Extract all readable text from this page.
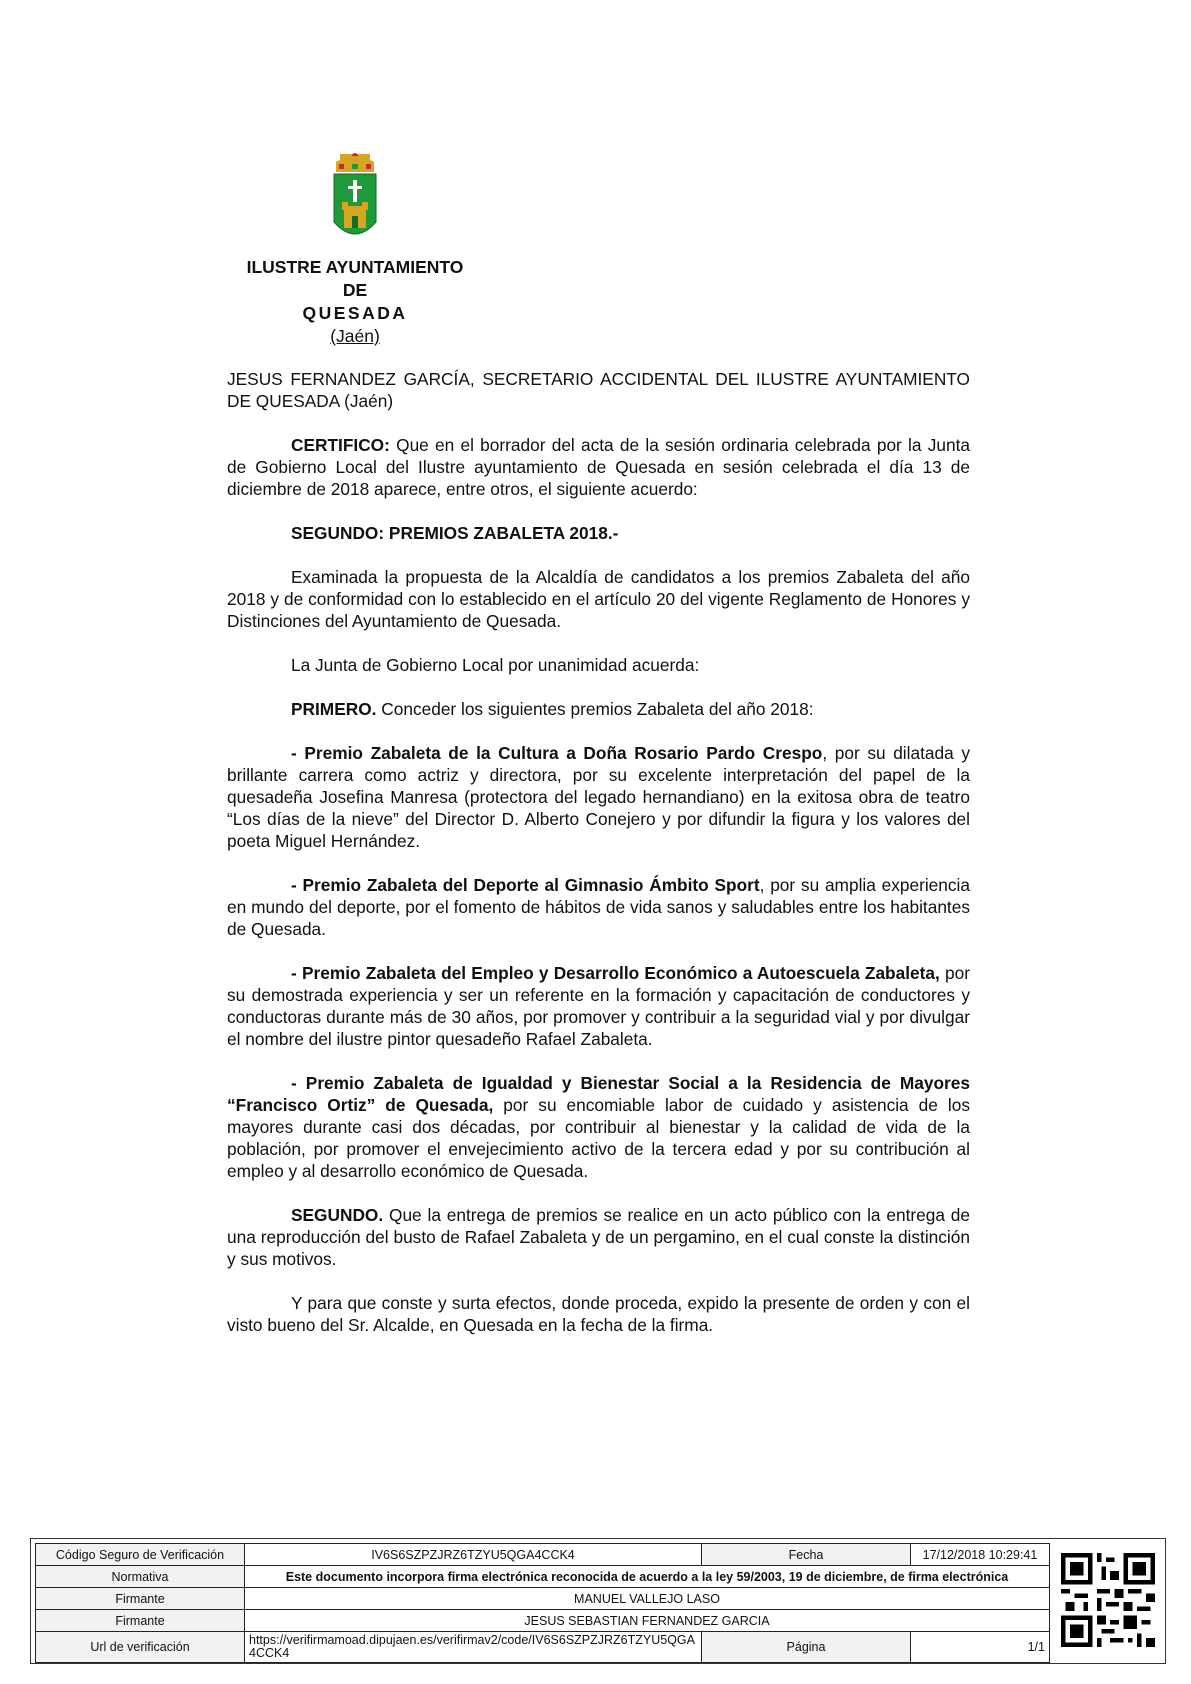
ILUSTRE AYUNTAMIENTO
DE
QUESADA
(Jaén)

JESUS FERNANDEZ GARCÍA, SECRETARIO ACCIDENTAL DEL ILUSTRE AYUNTAMIENTO DE QUESADA (Jaén)

CERTIFICO: Que en el borrador del acta de la sesión ordinaria celebrada por la Junta de Gobierno Local del Ilustre ayuntamiento de Quesada en sesión celebrada el día 13 de diciembre de 2018 aparece, entre otros, el siguiente acuerdo:

SEGUNDO: PREMIOS ZABALETA 2018.-

Examinada la propuesta de la Alcaldía de candidatos a los premios Zabaleta del año 2018 y de conformidad con lo establecido en el artículo 20 del vigente Reglamento de Honores y Distinciones del Ayuntamiento de Quesada.

La Junta de Gobierno Local por unanimidad acuerda:

PRIMERO. Conceder los siguientes premios Zabaleta del año 2018:

- Premio Zabaleta de la Cultura a Doña Rosario Pardo Crespo, por su dilatada y brillante carrera como actriz y directora, por su excelente interpretación del papel de la quesadeña Josefina Manresa (protectora del legado hernandiano) en la exitosa obra de teatro “Los días de la nieve” del Director D. Alberto Conejero y por difundir la figura y los valores del poeta Miguel Hernández.

- Premio Zabaleta del Deporte al Gimnasio Ámbito Sport, por su amplia experiencia en mundo del deporte, por el fomento de hábitos de vida sanos y saludables entre los habitantes de Quesada.

- Premio Zabaleta del Empleo y Desarrollo Económico a Autoescuela Zabaleta, por su demostrada experiencia y ser un referente en la formación y capacitación de conductores y conductoras durante más de 30 años, por promover y contribuir a la seguridad vial y por divulgar el nombre del ilustre pintor quesadeño Rafael Zabaleta.

- Premio Zabaleta de Igualdad y Bienestar Social a la Residencia de Mayores “Francisco Ortiz” de Quesada, por su encomiable labor de cuidado y asistencia de los mayores durante casi dos décadas, por contribuir al bienestar y la calidad de vida de la población, por promover el envejecimiento activo de la tercera edad y por su contribución al empleo y al desarrollo económico de Quesada.

SEGUNDO. Que la entrega de premios se realice en un acto público con la entrega de una reproducción del busto de Rafael Zabaleta y de un pergamino, en el cual conste la distinción y sus motivos.

Y para que conste y surta efectos, donde proceda, expido la presente de orden y con el visto bueno del Sr. Alcalde, en Quesada en la fecha de la firma.

Código Seguro de Verificación	IV6S6SZPZJRZ6TZYU5QGA4CCK4	Fecha	17/12/2018 10:29:41
Normativa	Este documento incorpora firma electrónica reconocida de acuerdo a la ley 59/2003, 19 de diciembre, de firma electrónica		
Firmante	MANUEL VALLEJO LASO		
Firmante	JESUS SEBASTIAN FERNANDEZ GARCIA		
Url de verificación	https://verifirmamoad.dipujaen.es/verifirmav2/code/IV6S6SZPZJRZ6TZYU5QGA4CCK4	Página	1/1
